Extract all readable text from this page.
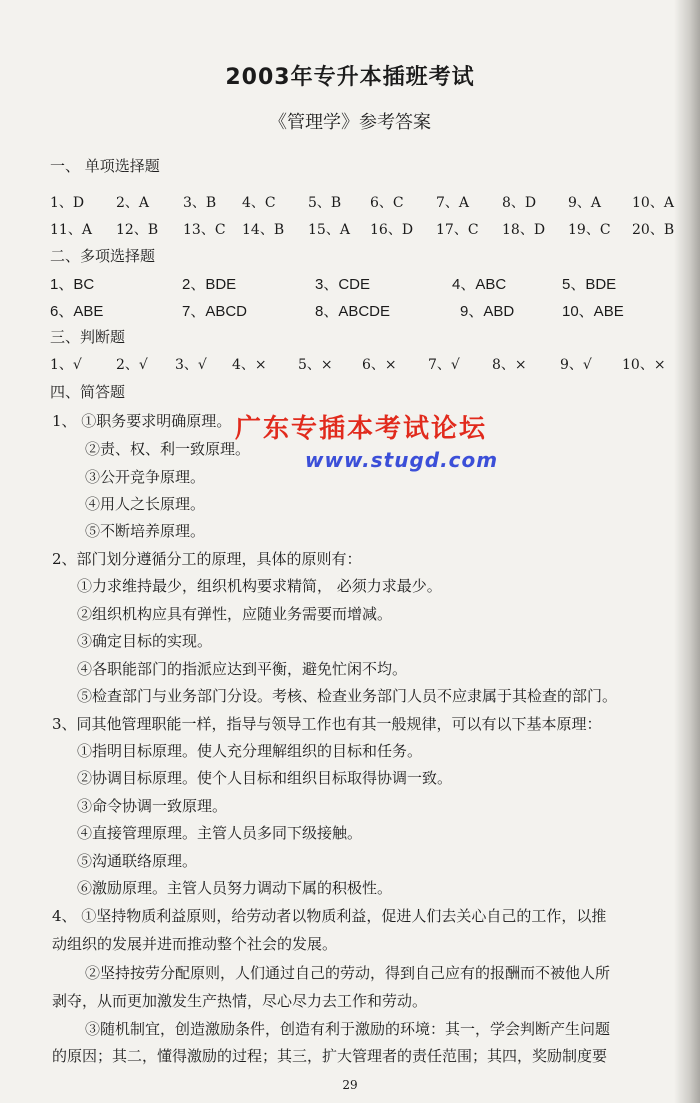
2003年专升本插班考试
《管理学》参考答案
一、 单项选择题
1、D 2、A 3、B 4、C 5、B 6、C 7、A 8、D 9、A 10、A
11、A 12、B 13、C 14、B 15、A 16、D 17、C 18、D 19、C 20、B
二、多项选择题
1、BC	2、BDE	3、CDE	4、ABC	5、BDE
6、ABE	7、ABCD	8、ABCDE	9、ABD	10、ABE
三、判断题
1、√ 2、√ 3、√ 4、× 5、× 6、× 7、√ 8、× 9、√ 10、×
四、简答题
1、 ①职务要求明确原理。
②责、权、利一致原理。
③公开竞争原理。
④用人之长原理。
⑤不断培养原理。
2、部门划分遵循分工的原理，具体的原则有：
①力求维持最少，组织机构要求精简， 必须力求最少。
②组织机构应具有弹性，应随业务需要而增减。
③确定目标的实现。
④各职能部门的指派应达到平衡，避免忙闲不均。
⑤检查部门与业务部门分设。考核、检查业务部门人员不应隶属于其检查的部门。
3、同其他管理职能一样，指导与领导工作也有其一般规律，可以有以下基本原理：
①指明目标原理。使人充分理解组织的目标和任务。
②协调目标原理。使个人目标和组织目标取得协调一致。
③命令协调一致原理。
④直接管理原理。主管人员多同下级接触。
⑤沟通联络原理。
⑥激励原理。主管人员努力调动下属的积极性。
4、 ①坚持物质利益原则，给劳动者以物质利益，促进人们去关心自己的工作，以推
动组织的发展并进而推动整个社会的发展。
②坚持按劳分配原则，人们通过自己的劳动，得到自己应有的报酬而不被他人所
剥夺，从而更加激发生产热情，尽心尽力去工作和劳动。
③随机制宜，创造激励条件，创造有利于激励的环境：其一，学会判断产生问题
的原因；其二，懂得激励的过程；其三，扩大管理者的责任范围；其四，奖励制度要
广东专插本考试论坛
www.stugd.com
29
